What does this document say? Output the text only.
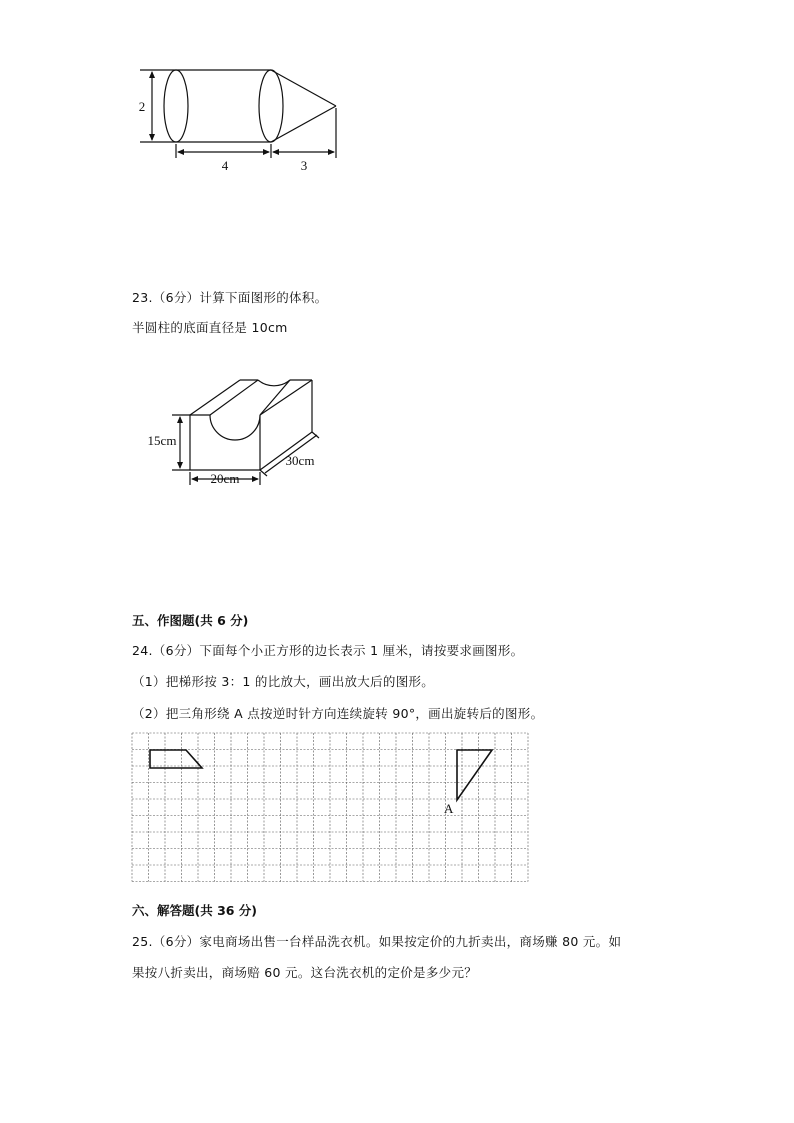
2
4	3
23.（6分）计算下面图形的体积。
半圆柱的底面直径是 10cm
15cm
20cm
30cm
五、作图题(共 6 分)
24.（6分）下面每个小正方形的边长表示 1 厘米，请按要求画图形。
（1）把梯形按 3：1 的比放大，画出放大后的图形。
（2）把三角形绕 A 点按逆时针方向连续旋转 90°，画出旋转后的图形。
A
六、解答题(共 36 分)
25.（6分）家电商场出售一台样品洗衣机。如果按定价的九折卖出，商场赚 80 元。如
果按八折卖出，商场赔 60 元。这台洗衣机的定价是多少元？
